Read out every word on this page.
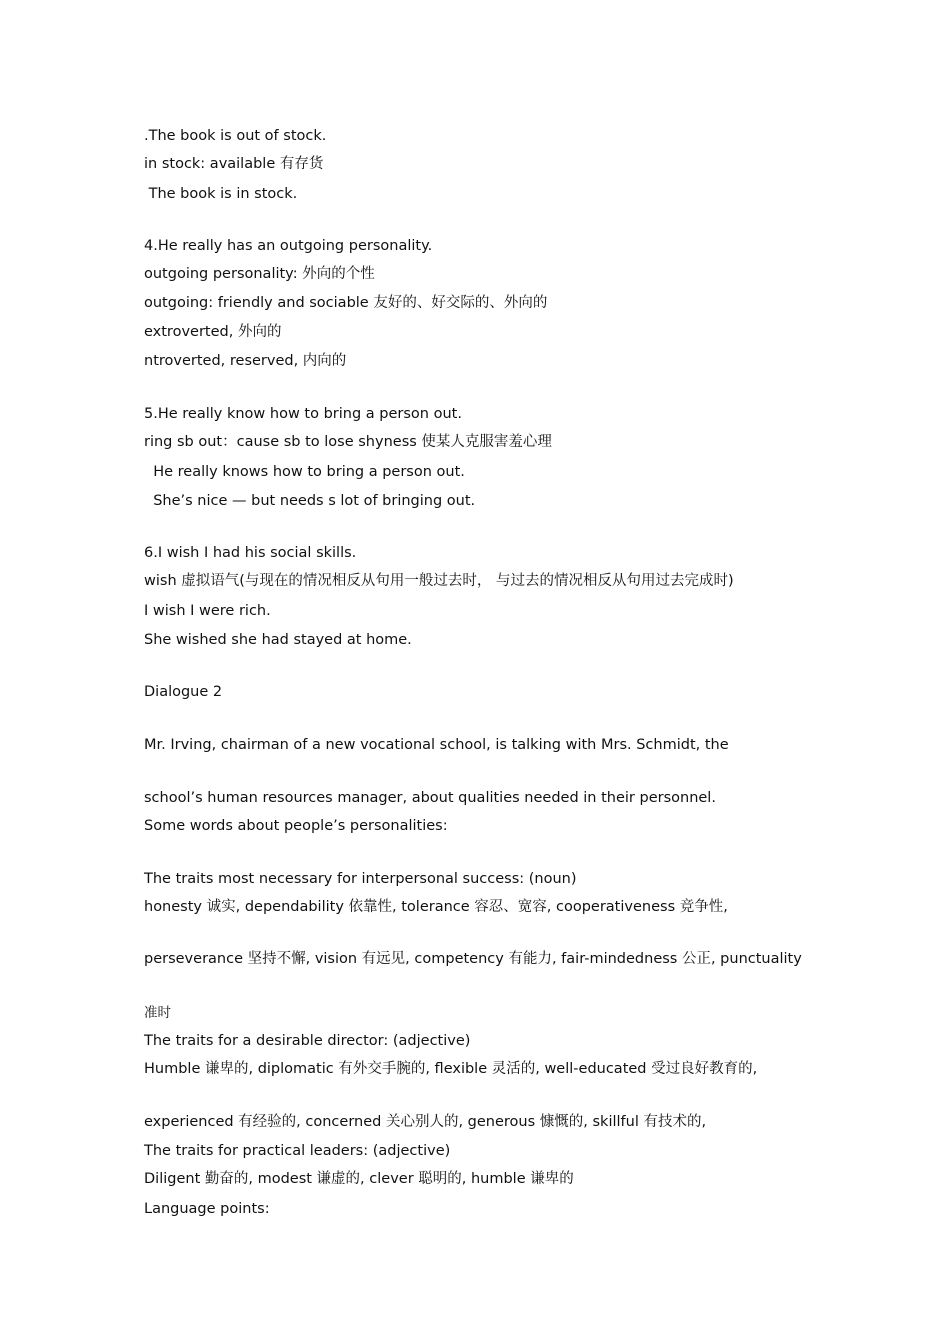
.The book is out of stock.
in stock: available 有存货
The book is in stock.
4.He really has an outgoing personality.
outgoing personality: 外向的个性
outgoing: friendly and sociable 友好的、好交际的、外向的
extroverted, 外向的
ntroverted, reserved, 内向的
5.He really know how to bring a person out.
ring sb out：cause sb to lose shyness 使某人克服害羞心理
He really knows how to bring a person out.
She’s nice — but needs s lot of bringing out.
6.I wish I had his social skills.
wish 虚拟语气(与现在的情况相反从句用一般过去时， 与过去的情况相反从句用过去完成时)
I wish I were rich.
She wished she had stayed at home.
Dialogue 2
Mr. Irving, chairman of a new vocational school, is talking with Mrs. Schmidt, the
school’s human resources manager, about qualities needed in their personnel.
Some words about people’s personalities:
The traits most necessary for interpersonal success: (noun)
honesty 诚实, dependability 依靠性, tolerance 容忍、宽容, cooperativeness 竞争性,
perseverance 坚持不懈, vision 有远见, competency 有能力, fair-mindedness 公正, punctuality
准时
The traits for a desirable director: (adjective)
Humble 谦卑的, diplomatic 有外交手腕的, flexible 灵活的, well-educated 受过良好教育的,
experienced 有经验的, concerned 关心别人的, generous 慷慨的, skillful 有技术的,
The traits for practical leaders: (adjective)
Diligent 勤奋的, modest 谦虚的, clever 聪明的, humble 谦卑的
Language points:
